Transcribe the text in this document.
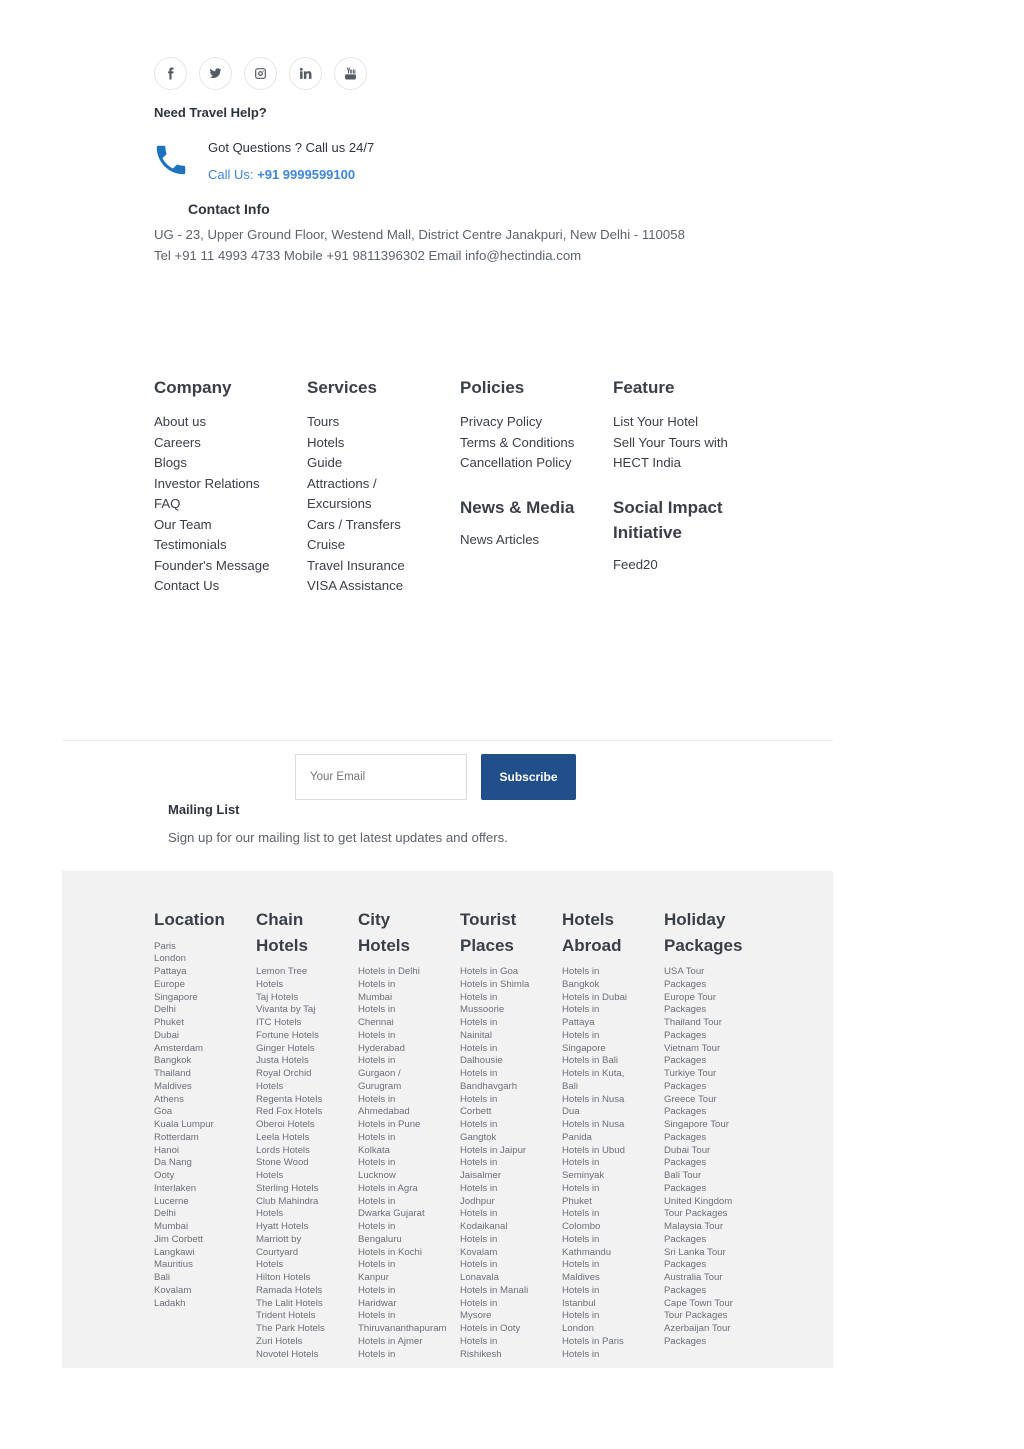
Need Travel Help?
Got Questions ? Call us 24/7
Call Us: +91 9999599100
Contact Info
UG - 23, Upper Ground Floor, Westend Mall, District Centre Janakpuri, New Delhi - 110058 Tel +91 11 4993 4733 Mobile +91 9811396302 Email info@hectindia.com
Company
About us
Careers
Blogs
Investor Relations
FAQ
Our Team
Testimonials
Founder's Message
Contact Us
Services
Tours
Hotels
Guide
Attractions /
Excursions
Cars / Transfers
Cruise
Travel Insurance
VISA Assistance
Policies
Privacy Policy
Terms & Conditions
Cancellation Policy
News & Media
News Articles
Feature
List Your Hotel
Sell Your Tours with
HECT India
Social Impact
Initiative
Feed20
Your Email
Subscribe
Mailing List
Sign up for our mailing list to get latest updates and offers.
Location
Paris
London
Pattaya
Europe
Singapore
Delhi
Phuket
Dubai
Amsterdam
Bangkok
Thailand
Maldives
Athens
Goa
Kuala Lumpur
Rotterdam
Hanoi
Da Nang
Ooty
Interlaken
Lucerne
Delhi
Mumbai
Jim Corbett
Langkawi
Mauritius
Bali
Kovalam
Ladakh
Chain
Hotels
Lemon Tree
Hotels
Taj Hotels
Vivanta by Taj
ITC Hotels
Fortune Hotels
Ginger Hotels
Justa Hotels
Royal Orchid
Hotels
Regenta Hotels
Red Fox Hotels
Oberoi Hotels
Leela Hotels
Lords Hotels
Stone Wood
Hotels
Sterling Hotels
Club Mahindra
Hotels
Hyatt Hotels
Marriott by
Courtyard
Hotels
Hilton Hotels
Ramada Hotels
The Lalit Hotels
Trident Hotels
The Park Hotels
Zuri Hotels
Novotel Hotels
City
Hotels
Hotels in Delhi
Hotels in
Mumbai
Hotels in
Chennai
Hotels in
Hyderabad
Hotels in
Gurgaon /
Gurugram
Hotels in
Ahmedabad
Hotels in Pune
Hotels in
Kolkata
Hotels in
Lucknow
Hotels in Agra
Hotels in
Dwarka Gujarat
Hotels in
Bengaluru
Hotels in Kochi
Hotels in
Kanpur
Hotels in
Haridwar
Hotels in
Thiruvananthapuram
Hotels in Ajmer
Hotels in
Tourist
Places
Hotels in Goa
Hotels in Shimla
Hotels in
Mussoorie
Hotels in
Nainital
Hotels in
Dalhousie
Hotels in
Bandhavgarh
Hotels in
Corbett
Hotels in
Gangtok
Hotels in Jaipur
Hotels in
Jaisalmer
Hotels in
Jodhpur
Hotels in
Kodaikanal
Hotels in
Kovalam
Hotels in
Lonavala
Hotels in Manali
Hotels in
Mysore
Hotels in Ooty
Hotels in
Rishikesh
Hotels
Abroad
Hotels in
Bangkok
Hotels in Dubai
Hotels in
Pattaya
Hotels in
Singapore
Hotels in Bali
Hotels in Kuta,
Bali
Hotels in Nusa
Dua
Hotels in Nusa
Panida
Hotels in Ubud
Hotels in
Seminyak
Hotels in
Phuket
Hotels in
Colombo
Hotels in
Kathmandu
Hotels in
Maldives
Hotels in
Istanbul
Hotels in
London
Hotels in Paris
Hotels in
Holiday
Packages
USA Tour
Packages
Europe Tour
Packages
Thailand Tour
Packages
Vietnam Tour
Packages
Turkiye Tour
Packages
Greece Tour
Packages
Singapore Tour
Packages
Dubai Tour
Packages
Bali Tour
Packages
United Kingdom
Tour Packages
Malaysia Tour
Packages
Sri Lanka Tour
Packages
Australia Tour
Packages
Cape Town Tour
Tour Packages
Azerbaijan Tour
Packages
